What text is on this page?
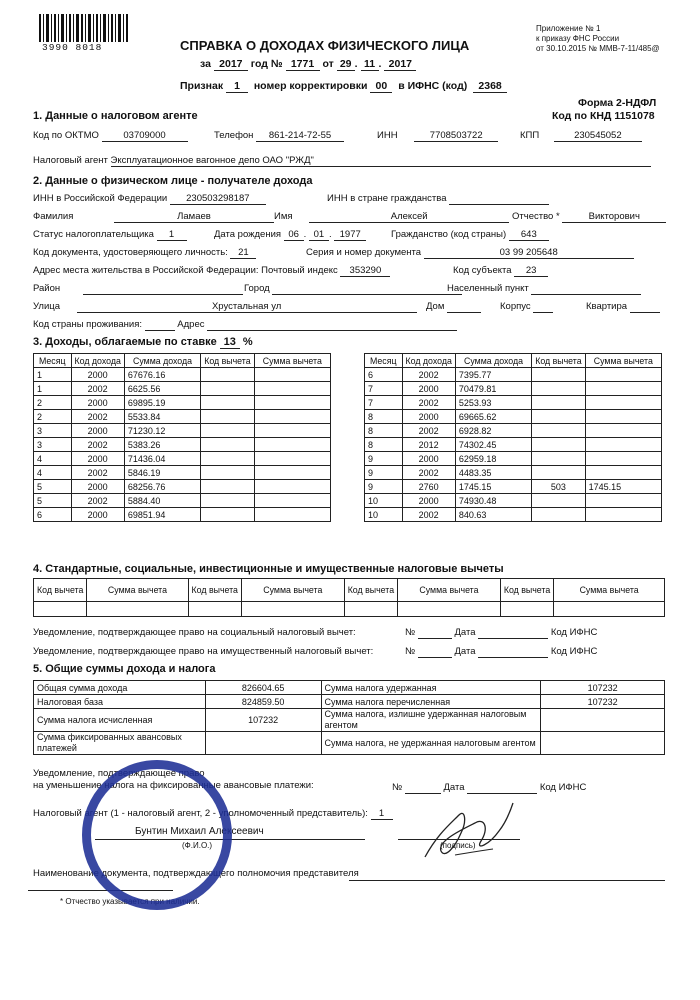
3990 8018
Приложение № 1
к приказу ФНС России
от 30.10.2015 № ММВ-7-11/485@
СПРАВКА О ДОХОДАХ ФИЗИЧЕСКОГО ЛИЦА
за 2017 год № 1771 от 29 . 11 . 2017
Признак 1 номер корректировки 00 в ИФНС (код) 2368
Форма 2-НДФЛ
Код по КНД 1151078
1. Данные о налоговом агенте
Код по ОКТМО	03709000	Телефон 861-214-72-55	ИНН	7708503722	КПП	230545052
Налоговый агент Эксплуатационное вагонное депо ОАО "РЖД"
2. Данные о физическом лице - получателе дохода
ИНН в Российской Федерации 230503298187	ИНН в стране гражданства
Фамилия	Ламаев	Имя	Алексей	Отчество *	Викторович
Статус налогоплательщика 1	Дата рождения 06 . 01 . 1977	Гражданство (код страны) 643
Код документа, удостоверяющего личность: 21	Серия и номер документа	03 99 205648
Адрес места жительства в Российской Федерации: Почтовый индекс 353290	Код субъекта 23
Район	Город	Населенный пункт
Улица	Хрустальная ул	Дом	Корпус	Квартира
Код страны проживания:	Адрес
3. Доходы, облагаемые по ставке 13 %
Месяц	Код дохода	Сумма дохода	Код вычета	Сумма вычета
1	2000	67676.16		
1	2002	6625.56		
2	2000	69895.19		
2	2002	5533.84		
3	2000	71230.12		
3	2002	5383.26		
4	2000	71436.04		
4	2002	5846.19		
5	2000	68256.76		
5	2002	5884.40		
6	2000	69851.94		
Месяц	Код дохода	Сумма дохода	Код вычета	Сумма вычета
6	2002	7395.77		
7	2000	70479.81		
7	2002	5253.93		
8	2000	69665.62		
8	2002	6928.82		
8	2012	74302.45		
9	2000	62959.18		
9	2002	4483.35		
9	2760	1745.15	503	1745.15
10	2000	74930.48		
10	2002	840.63		
4. Стандартные, социальные, инвестиционные и имущественные налоговые вычеты
Код вычета	Сумма вычета	Код вычета	Сумма вычета	Код вычета	Сумма вычета	Код вычета	Сумма вычета

Уведомление, подтверждающее право на социальный налоговый вычет:
Уведомление, подтверждающее право на имущественный налоговый вычет:
№	Дата	Код ИФНС
№	Дата	Код ИФНС
5. Общие суммы дохода и налога
Общая сумма дохода	826604.65	Сумма налога удержанная	107232
Налоговая база	824859.50	Сумма налога перечисленная	107232
Сумма налога исчисленная	107232	Сумма налога, излишне удержанная налоговым агентом	
Сумма фиксированных авансовых платежей		Сумма налога, не удержанная налоговым агентом	
Уведомление, подтверждающее право
на уменьшение налога на фиксированные авансовые платежи:	№	Дата	Код ИФНС
Налоговый агент (1 - налоговый агент, 2 - уполномоченный представитель): 1
Бунтин Михаил Алексеевич
(Ф.И.О.)	(подпись)
Наименование документа, подтверждающего полномочия представителя
* Отчество указывается при наличии.
